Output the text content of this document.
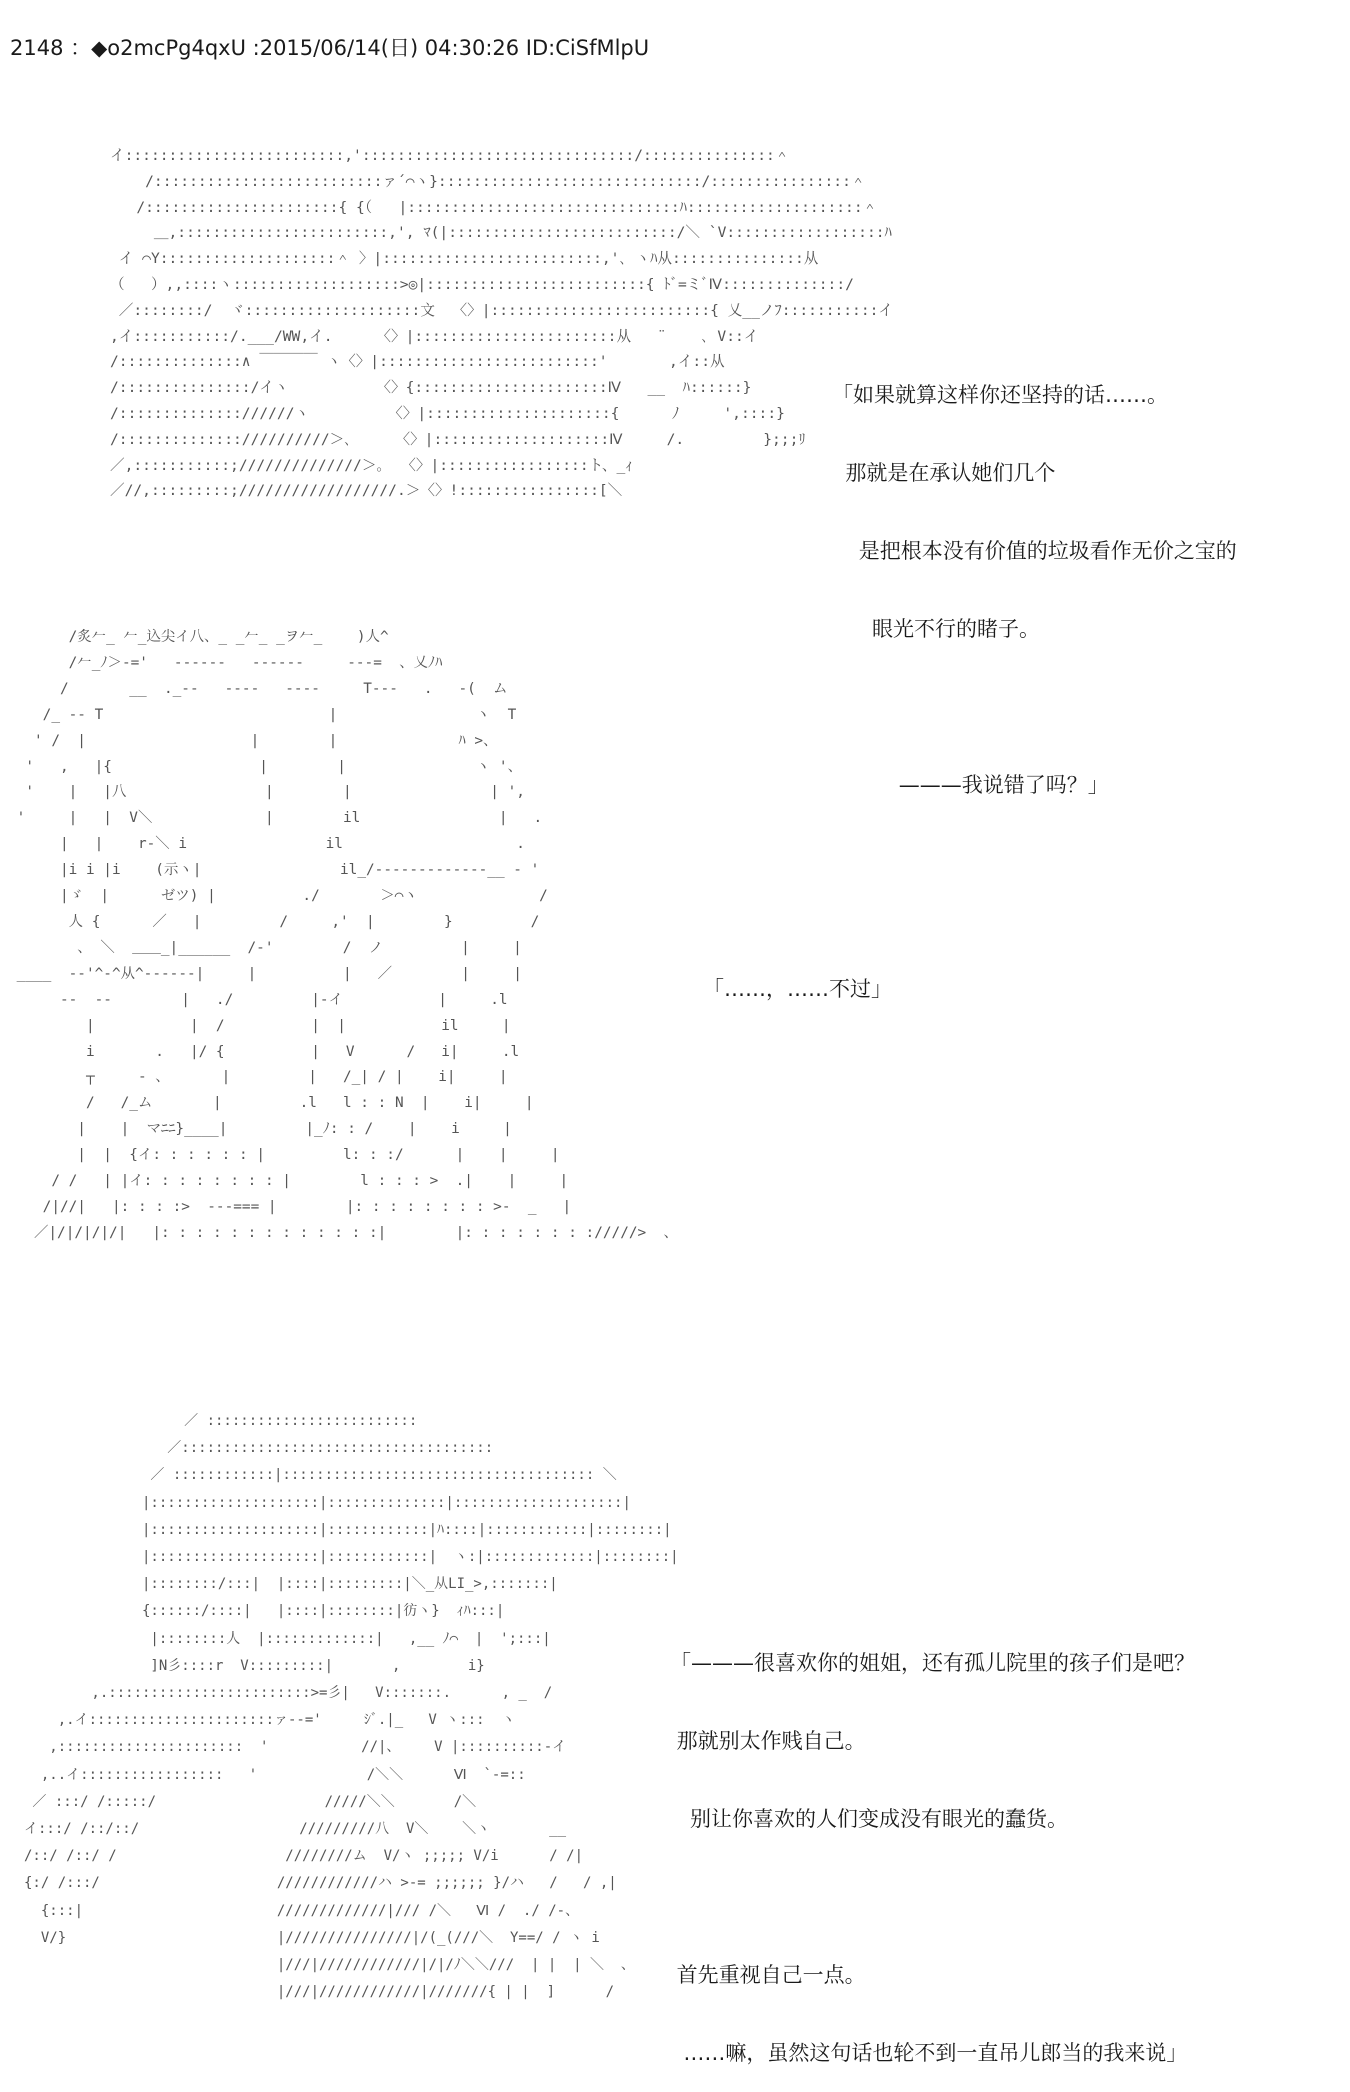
2148 ：◆o2mcPg4qxU :2015/06/14(日) 04:30:26 ID:CiSfMlpU
イ:::::::::::::::::::::::::,':::::::::::::::::::::::::::::::/:::::::::::::::＾
/::::::::::::::::::::::::::ァ´⌒ヽ}::::::::::::::::::::::::::::::/::::::::::::::::＾
/::::::::::::::::::::::{ {（   |:::::::::::::::::::::::::::::::ﾊ::::::::::::::::::::＾
＿,::::::::::::::::::::::::,', ﾏ(|::::::::::::::::::::::::::/＼ `V::::::::::::::::::ﾊ
イ ⌒Y::::::::::::::::::::＾ 〉|:::::::::::::::::::::::::,'､ ヽﾊ从:::::::::::::::从
（   ）,,::::ヽ:::::::::::::::::::>◎|:::::::::::::::::::::::::{ ﾄﾞ=ミﾞⅣ::::::::::::::/
／::::::::/  ヾ::::::::::::::::::::文  〈〉|:::::::::::::::::::::::::{ 乂__ノﾌ:::::::::::イ
,イ:::::::::::/.___/WW,イ.     〈〉|:::::::::::::::::::::::从   ¨    ､ V::イ
/::::::::::::::∧ ￣￣￣￣ ヽ〈〉|:::::::::::::::::::::::::'       ,イ::从
/:::::::::::::::/イヽ          〈〉{::::::::::::::::::::::Ⅳ   __  ﾊ::::::}
/:::::::::::::://////ヽ         〈〉|:::::::::::::::::::::{      ﾉ     ',::::}
/:::::::::::::://////////＞､     〈〉|::::::::::::::::::::Ⅳ     /.         };;;ﾘ
／,:::::::::::;//////////////＞｡  〈〉|:::::::::::::::::ト、_ｨ
／//,:::::::::;//////////////////.＞〈〉!::::::::::::::::[＼

「如果就算这样你还坚持的话……。

那就是在承认她们几个

是把根本没有价值的垃圾看作无价之宝的

眼光不行的睹子。

———我说错了吗？」

/炙𠂉_ 𠂉_込尖イ八、_ _𠂉_ _ヲ𠂉_    )人^
/𠂉_ﾉ＞-='   ‐‐‐‐‐‐   ‐‐‐‐‐‐     ‐‐‐=  、乂ﾉﾊ
/       __  ._‐‐   ‐‐‐‐   ‐‐‐‐     T‐‐‐   .   -(  ム
/_ ‐‐ T                          |                ヽ  T
' /  |                   |        |              ﾊ >、
'   ,   |{                 |        |               ヽ '、
'    |   |八                |        |                | ',
'     |   |  V＼             |        il                |   .
|   |    r‐＼ i                il                    .
|i i |i    (示ヽ|                il_/‐‐‐‐‐‐‐‐‐‐‐‐‐__ - '
|ゞ  |      ゼツ) |          ./       ＞⌒ヽ              /
人 {      ／   |         /     ,'  |        }         /
、 ＼  ＿＿_|______  /-'        /  ノ         |     |
____  ‐‐'^‐^从^‐‐‐‐‐‐|     |          |   ／        |     |
‐‐  ‐‐        |   ./         |‐イ           |     .l
|           |  /          |  |           il     |
i       .   |/ {          |   V      /   i|     .l
┬     ‐ 、      |         |   /_| / |    i|     |
/   /_ム       |         .l   l : : N  |    i|     |
|    |  マﾆﾆ}____|         |_ﾉ: : /    |    i     |
|  |  {イ: : : : : : |         l: : :/      |    |     |
/ /   | |イ: : : : : : : : |        l : : : >  .|    |     |
/|//|   |: : : :>  ‐‐‐=== |        |: : : : : : : : >‐  _   |
／|/|/|/|/|   |: : : : : : : : : : : : :|        |: : : : : : : ://///>  、

「……，……不过」

／ :::::::::::::::::::::::::
／:::::::::::::::::::::::::::::::::::::
／ ::::::::::::|::::::::::::::::::::::::::::::::::::: ＼
|::::::::::::::::::::|::::::::::::::|::::::::::::::::::::|
|::::::::::::::::::::|::::::::::::|ﾊ::::|::::::::::::|::::::::|
|::::::::::::::::::::|::::::::::::|  ヽ:|:::::::::::::|::::::::|
|::::::::/:::|  |::::|:::::::::|＼_从LI_>,:::::::|
{::::::/::::|   |::::|::::::::|彷ヽ}  ｨﾊ:::|
|::::::::人  |:::::::::::::|   ,__ ﾉ⌒  |  ';:::|
]N彡::::r  V:::::::::|       ,        i}
,.::::::::::::::::::::::::>=彡|   V:::::::.      , _  /
,.イ::::::::::::::::::::::ァ‐‐='     ｼﾞ.|_   V ヽ:::  ヽ
,::::::::::::::::::::::  '           //|、    V |::::::::::-イ
,..イ:::::::::::::::::   '             /＼＼      Ⅵ  `‐=::
／ :::/ /:::::/                    /////＼＼       /＼
イ:::/ /::/::/                   /////////八  V＼    ＼ヽ       __
/::/ /::/ /                    ////////ム  V/ヽ ;;;;; V/i      / /|
{:/ /:::/                     ////////////ハ >‐= ;;;;;; }/ハ   /   / ,|
{:::|                       /////////////|/// /＼   Ⅵ /  ./ /‐、
V/}                         |///////////////|/(_(///＼  Y==/ / ヽ i
|///|////////////|/|/ﾉ＼＼///  | |  | ＼  、
|///|////////////|///////{ | |  ]      /

「———很喜欢你的姐姐，还有孤儿院里的孩子们是吧？

那就别太作贱自己。

别让你喜欢的人们变成没有眼光的蠢货。

首先重视自己一点。

……嘛，虽然这句话也轮不到一直吊儿郎当的我来说」
